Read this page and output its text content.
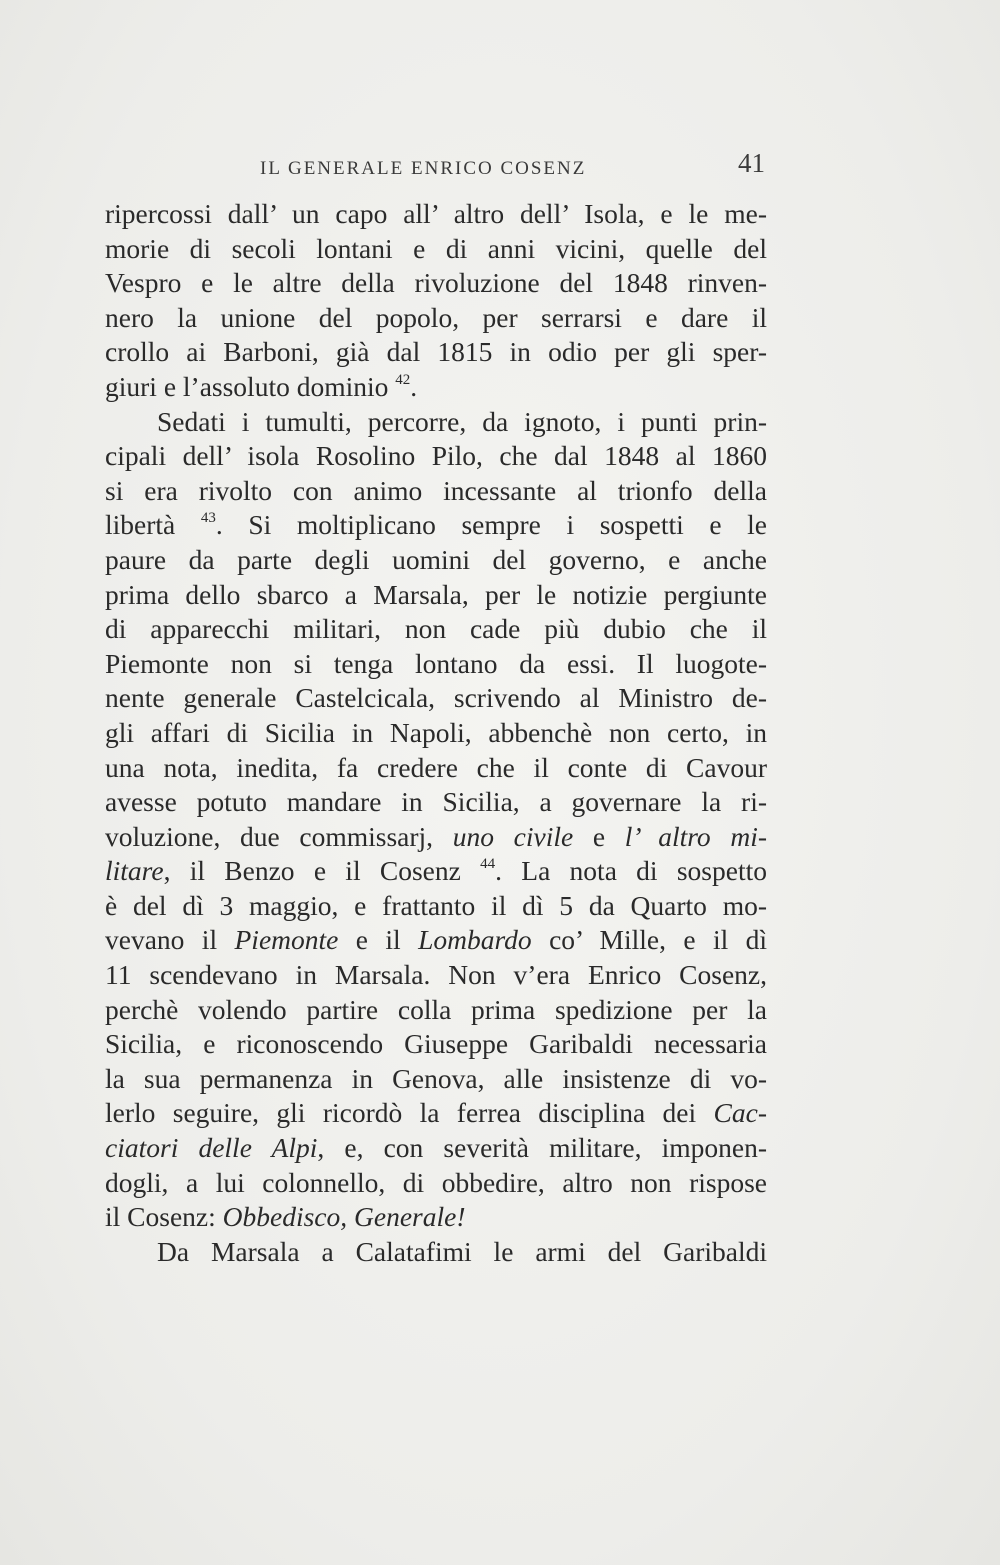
IL GENERALE ENRICO COSENZ	41
ripercossi dall’ un capo all’ altro dell’ Isola, e le me-
morie di secoli lontani e di anni vicini, quelle del
Vespro e le altre della rivoluzione del 1848 rinven-
nero la unione del popolo, per serrarsi e dare il
crollo ai Barboni, già dal 1815 in odio per gli sper-
giuri e l’assoluto dominio $^{42}$.
Sedati i tumulti, percorre, da ignoto, i punti prin-
cipali dell’ isola Rosolino Pilo, che dal 1848 al 1860
si era rivolto con animo incessante al trionfo della
libertà $^{43}$. Si moltiplicano sempre i sospetti e le
paure da parte degli uomini del governo, e anche
prima dello sbarco a Marsala, per le notizie pergiunte
di apparecchi militari, non cade più dubio che il
Piemonte non si tenga lontano da essi. Il luogote-
nente generale Castelcicala, scrivendo al Ministro de-
gli affari di Sicilia in Napoli, abbenchè non certo, in
una nota, inedita, fa credere che il conte di Cavour
avesse potuto mandare in Sicilia, a governare la ri-
voluzione, due commissarj, uno civile e l’ altro mi-
litare, il Benzo e il Cosenz $^{44}$. La nota di sospetto
è del dì 3 maggio, e frattanto il dì 5 da Quarto mo-
vevano il Piemonte e il Lombardo co’ Mille, e il dì
11 scendevano in Marsala. Non v’era Enrico Cosenz,
perchè volendo partire colla prima spedizione per la
Sicilia, e riconoscendo Giuseppe Garibaldi necessaria
la sua permanenza in Genova, alle insistenze di vo-
lerlo seguire, gli ricordò la ferrea disciplina dei Cac-
ciatori delle Alpi, e, con severità militare, imponen-
dogli, a lui colonnello, di obbedire, altro non rispose
il Cosenz: Obbedisco, Generale!
Da Marsala a Calatafimi le armi del Garibaldi
